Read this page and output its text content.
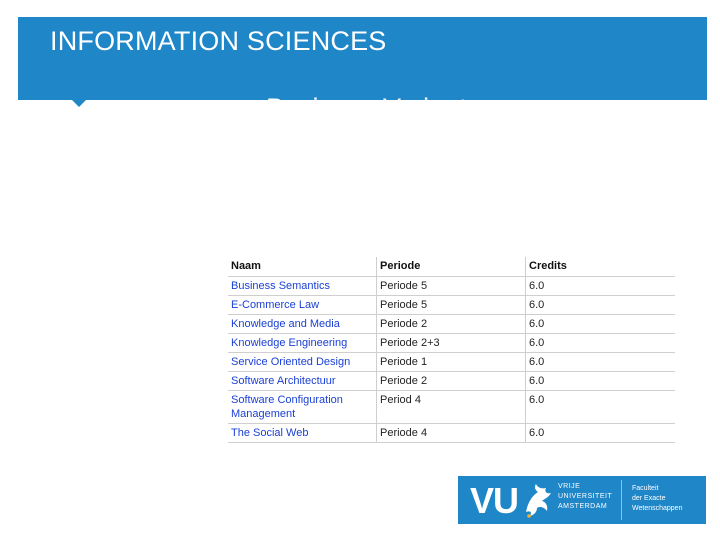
INFORMATION SCIENCES
Business Variant

Naam	Periode	Credits
Business Semantics	Periode 5	6.0
E-Commerce Law	Periode 5	6.0
Knowledge and Media	Periode 2	6.0
Knowledge Engineering	Periode 2+3	6.0
Service Oriented Design	Periode 1	6.0
Software Architectuur	Periode 2	6.0
Software Configuration Management	Period 4	6.0
The Social Web	Periode 4	6.0
VU	VRIJE
UNIVERSITEIT
AMSTERDAM
Faculteit
der Exacte
Wetenschappen
